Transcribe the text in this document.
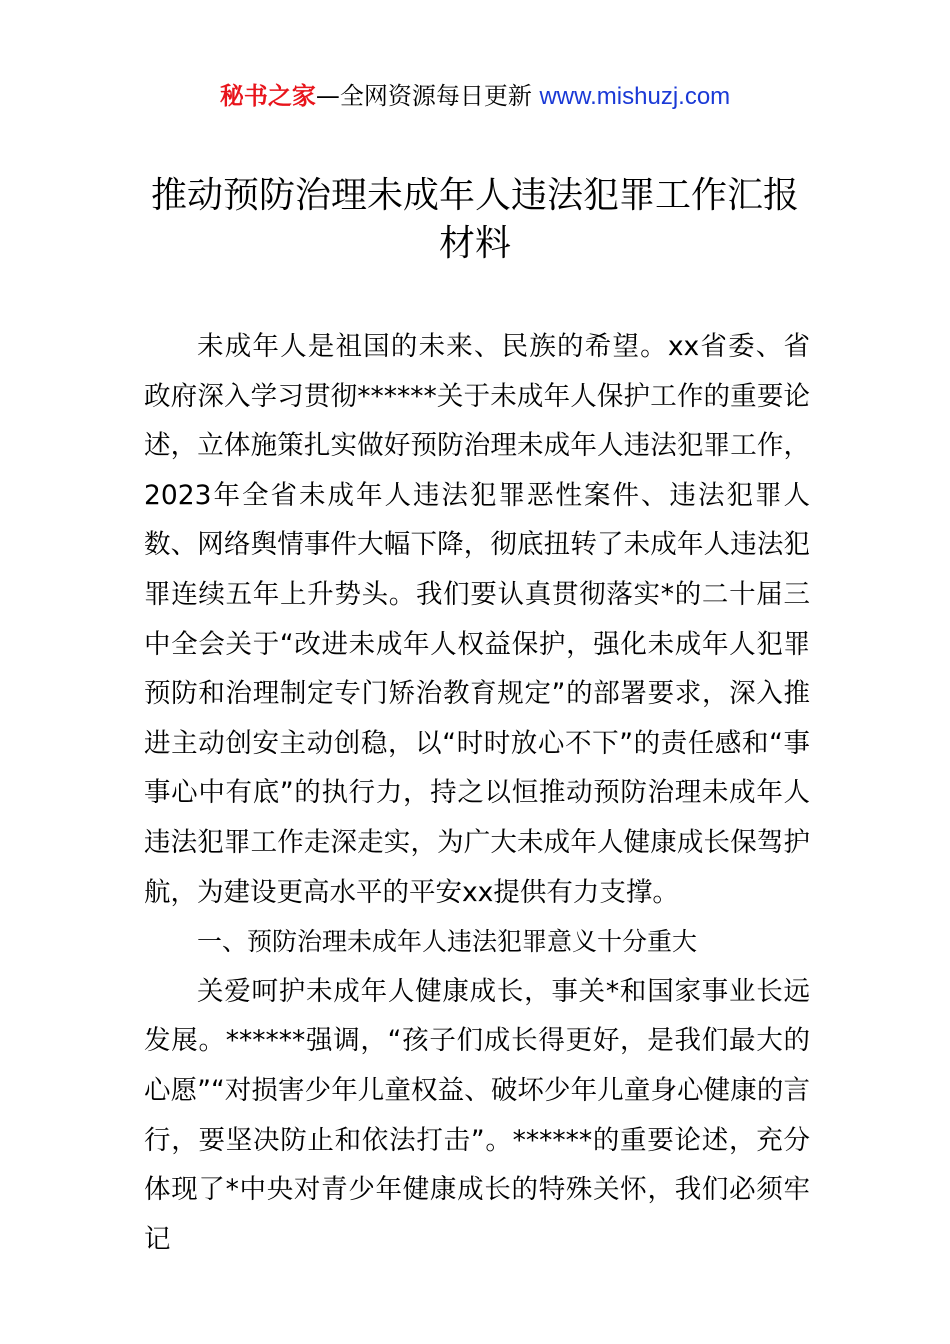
秘书之家—全网资源每日更新 www.mishuzj.com
推动预防治理未成年人违法犯罪工作汇报
材料

未成年人是祖国的未来、民族的希望。xx省委、省政府深入学习贯彻******关于未成年人保护工作的重要论述，立体施策扎实做好预防治理未成年人违法犯罪工作，2023年全省未成年人违法犯罪恶性案件、违法犯罪人数、网络舆情事件大幅下降，彻底扭转了未成年人违法犯罪连续五年上升势头。我们要认真贯彻落实*的二十届三中全会关于“改进未成年人权益保护，强化未成年人犯罪预防和治理制定专门矫治教育规定”的部署要求，深入推进主动创安主动创稳，以“时时放心不下”的责任感和“事事心中有底”的执行力，持之以恒推动预防治理未成年人违法犯罪工作走深走实，为广大未成年人健康成长保驾护航，为建设更高水平的平安xx提供有力支撑。

一、预防治理未成年人违法犯罪意义十分重大

关爱呵护未成年人健康成长，事关*和国家事业长远发展。******强调，“孩子们成长得更好，是我们最大的心愿”“对损害少年儿童权益、破坏少年儿童身心健康的言行，要坚决防止和依法打击”。******的重要论述，充分体现了*中央对青少年健康成长的特殊关怀，我们必须牢记
